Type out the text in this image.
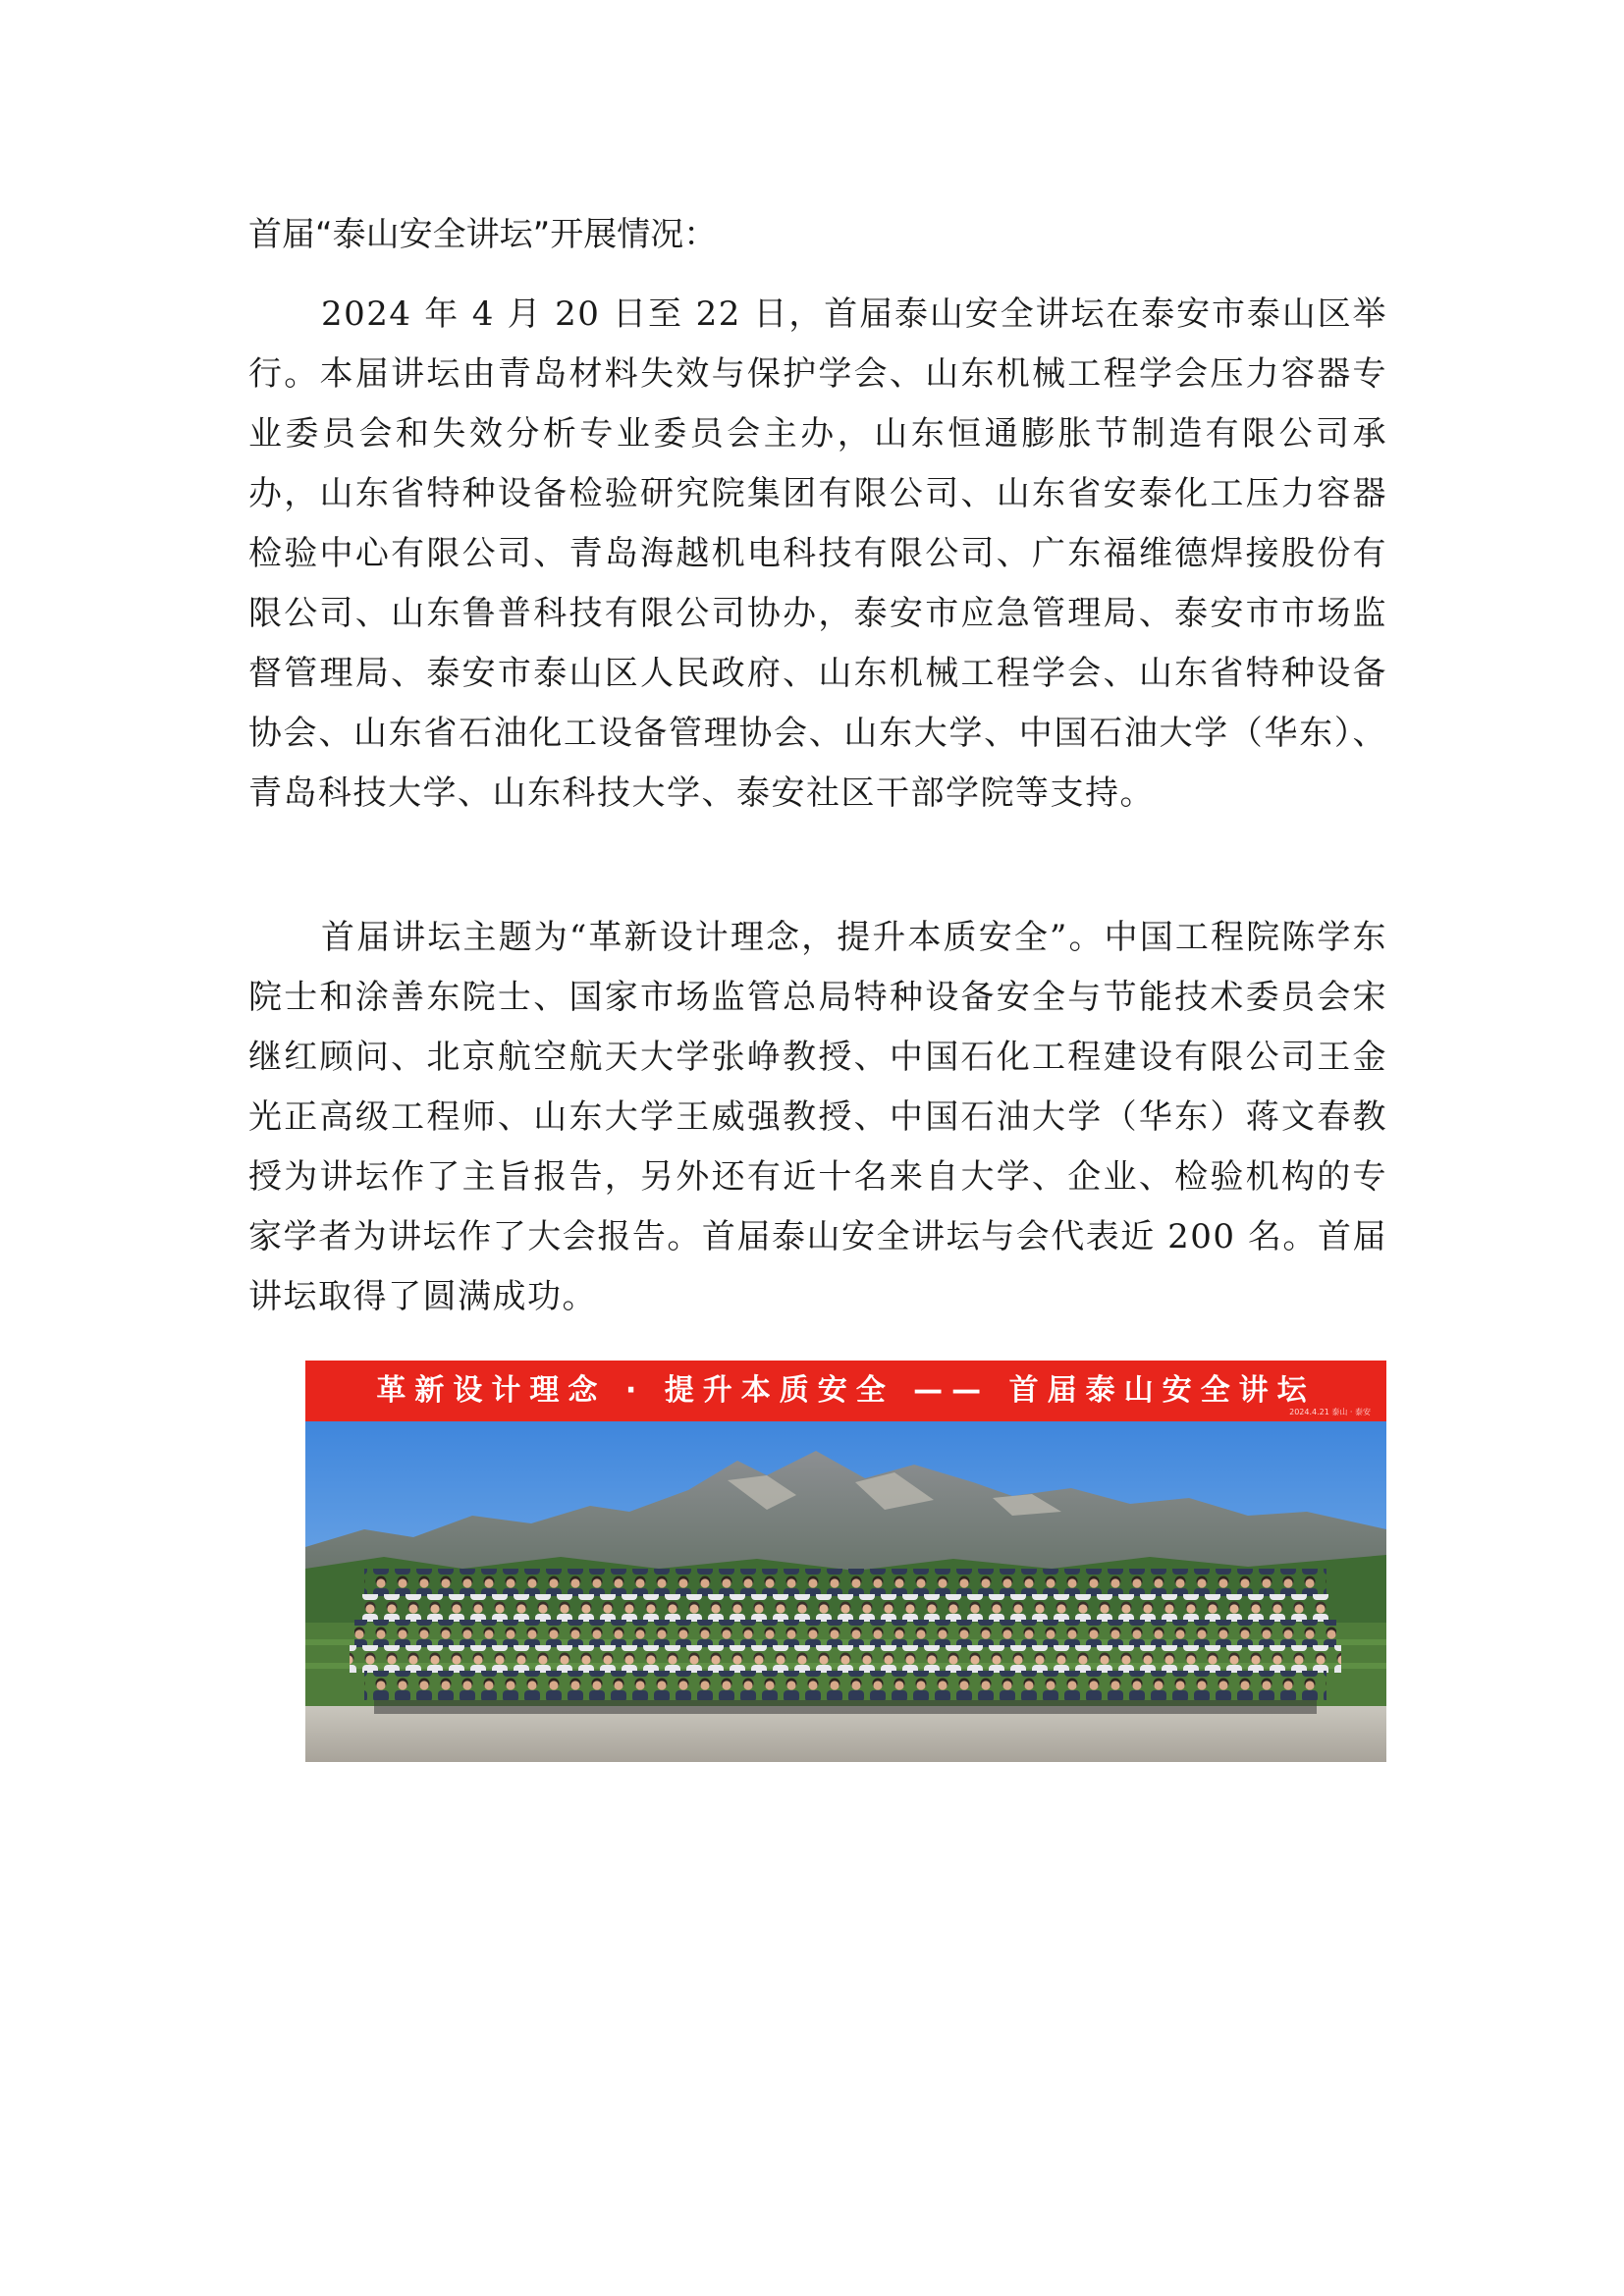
首届“泰山安全讲坛”开展情况：

2024 年 4 月 20 日至 22 日，首届泰山安全讲坛在泰安市泰山区举行。本届讲坛由青岛材料失效与保护学会、山东机械工程学会压力容器专业委员会和失效分析专业委员会主办，山东恒通膨胀节制造有限公司承办，山东省特种设备检验研究院集团有限公司、山东省安泰化工压力容器检验中心有限公司、青岛海越机电科技有限公司、广东福维德焊接股份有限公司、山东鲁普科技有限公司协办，泰安市应急管理局、泰安市市场监督管理局、泰安市泰山区人民政府、山东机械工程学会、山东省特种设备协会、山东省石油化工设备管理协会、山东大学、中国石油大学（华东）、青岛科技大学、山东科技大学、泰安社区干部学院等支持。

首届讲坛主题为“革新设计理念，提升本质安全”。中国工程院陈学东院士和涂善东院士、国家市场监管总局特种设备安全与节能技术委员会宋继红顾问、北京航空航天大学张峥教授、中国石化工程建设有限公司王金光正高级工程师、山东大学王威强教授、中国石油大学（华东）蒋文春教授为讲坛作了主旨报告，另外还有近十名来自大学、企业、检验机构的专家学者为讲坛作了大会报告。首届泰山安全讲坛与会代表近 200 名。首届讲坛取得了圆满成功。

革新设计理念 · 提升本质安全 —— 首届泰山安全讲坛
2024.4.21 泰山 · 泰安
